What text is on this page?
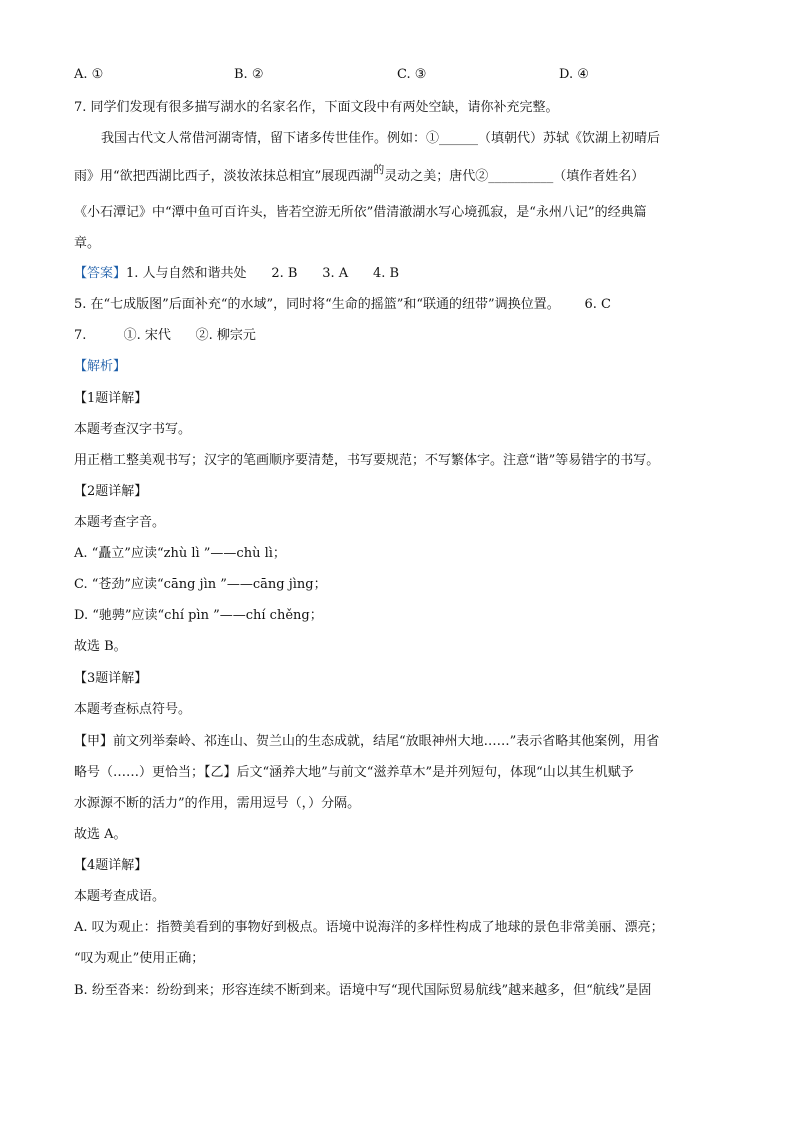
A. ①	B. ②	C. ③	D. ④
7. 同学们发现有很多描写湖水的名家名作，下面文段中有两处空缺，请你补充完整。
我国古代文人常借河湖寄情，留下诸多传世佳作。例如：①______（填朝代）苏轼《饮湖上初晴后
雨》用“欲把西湖比西子，淡妆浓抹总相宜”展现西湖$^的$灵动之美；唐代②__________（填作者姓名）
《小石潭记》中“潭中鱼可百许头，皆若空游无所依”借清澈湖水写心境孤寂，是“永州八记”的经典篇
章。
【答案】1. 人与自然和谐共处      2. B      3. A      4. B
5. 在“七成版图”后面补充“的水域”，同时将“生命的摇篮”和“联通的纽带”调换位置。      6. C
7.         ①. 宋代      ②. 柳宗元
【解析】
【1题详解】
本题考查汉字书写。
用正楷工整美观书写；汉字的笔画顺序要清楚，书写要规范；不写繁体字。注意“谐”等易错字的书写。
【2题详解】
本题考查字音。
A. “矗立”应读“zhù lì ”——chù lì；
C. “苍劲”应读“cāng jìn ”——cāng jìng；
D. “驰骋”应读“chí pìn ”——chí chěng；
故选 B。
【3题详解】
本题考查标点符号。
【甲】前文列举秦岭、祁连山、贺兰山的生态成就，结尾“放眼神州大地……”表示省略其他案例，用省
略号（……）更恰当；【乙】后文“涵养大地”与前文“滋养草木”是并列短句，体现“山以其生机赋予
水源源不断的活力”的作用，需用逗号（，）分隔。
故选 A。
【4题详解】
本题考查成语。
A. 叹为观止：指赞美看到的事物好到极点。语境中说海洋的多样性构成了地球的景色非常美丽、漂亮；
“叹为观止”使用正确；
B. 纷至沓来：纷纷到来；形容连续不断到来。语境中写“现代国际贸易航线”越来越多，但“航线”是固
